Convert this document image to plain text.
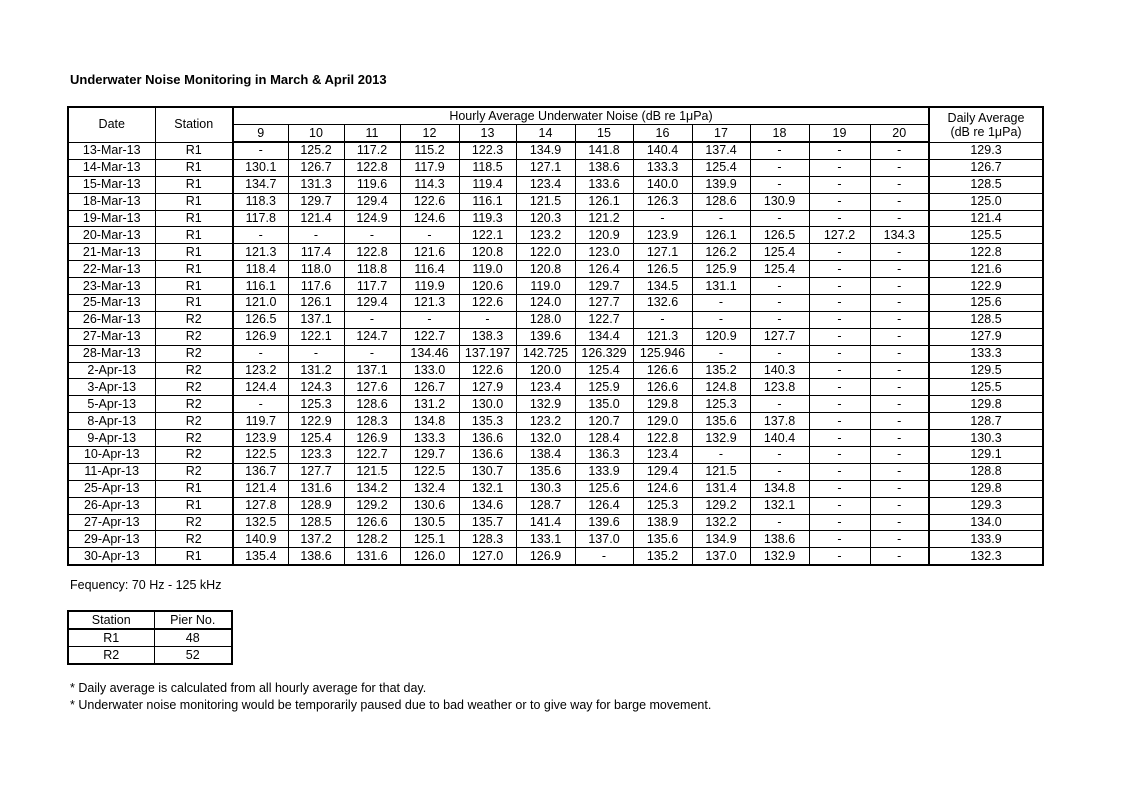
Underwater Noise Monitoring in March & April 2013
Date	Station	Hourly Average Underwater Noise (dB re 1μPa)												Daily Average
(dB re 1μPa)

		9	10	11	12	13	14	15	16	17	18	19	20	
13-Mar-13	R1	-	125.2	117.2	115.2	122.3	134.9	141.8	140.4	137.4	-	-	-	129.3
14-Mar-13	R1	130.1	126.7	122.8	117.9	118.5	127.1	138.6	133.3	125.4	-	-	-	126.7
15-Mar-13	R1	134.7	131.3	119.6	114.3	119.4	123.4	133.6	140.0	139.9	-	-	-	128.5
18-Mar-13	R1	118.3	129.7	129.4	122.6	116.1	121.5	126.1	126.3	128.6	130.9	-	-	125.0
19-Mar-13	R1	117.8	121.4	124.9	124.6	119.3	120.3	121.2	-	-	-	-	-	121.4
20-Mar-13	R1	-	-	-	-	122.1	123.2	120.9	123.9	126.1	126.5	127.2	134.3	125.5
21-Mar-13	R1	121.3	117.4	122.8	121.6	120.8	122.0	123.0	127.1	126.2	125.4	-	-	122.8
22-Mar-13	R1	118.4	118.0	118.8	116.4	119.0	120.8	126.4	126.5	125.9	125.4	-	-	121.6
23-Mar-13	R1	116.1	117.6	117.7	119.9	120.6	119.0	129.7	134.5	131.1	-	-	-	122.9
25-Mar-13	R1	121.0	126.1	129.4	121.3	122.6	124.0	127.7	132.6	-	-	-	-	125.6
26-Mar-13	R2	126.5	137.1	-	-	-	128.0	122.7	-	-	-	-	-	128.5
27-Mar-13	R2	126.9	122.1	124.7	122.7	138.3	139.6	134.4	121.3	120.9	127.7	-	-	127.9
28-Mar-13	R2	-	-	-	134.46	137.197	142.725	126.329	125.946	-	-	-	-	133.3
2-Apr-13	R2	123.2	131.2	137.1	133.0	122.6	120.0	125.4	126.6	135.2	140.3	-	-	129.5
3-Apr-13	R2	124.4	124.3	127.6	126.7	127.9	123.4	125.9	126.6	124.8	123.8	-	-	125.5
5-Apr-13	R2	-	125.3	128.6	131.2	130.0	132.9	135.0	129.8	125.3	-	-	-	129.8
8-Apr-13	R2	119.7	122.9	128.3	134.8	135.3	123.2	120.7	129.0	135.6	137.8	-	-	128.7
9-Apr-13	R2	123.9	125.4	126.9	133.3	136.6	132.0	128.4	122.8	132.9	140.4	-	-	130.3
10-Apr-13	R2	122.5	123.3	122.7	129.7	136.6	138.4	136.3	123.4	-	-	-	-	129.1
11-Apr-13	R2	136.7	127.7	121.5	122.5	130.7	135.6	133.9	129.4	121.5	-	-	-	128.8
25-Apr-13	R1	121.4	131.6	134.2	132.4	132.1	130.3	125.6	124.6	131.4	134.8	-	-	129.8
26-Apr-13	R1	127.8	128.9	129.2	130.6	134.6	128.7	126.4	125.3	129.2	132.1	-	-	129.3
27-Apr-13	R2	132.5	128.5	126.6	130.5	135.7	141.4	139.6	138.9	132.2	-	-	-	134.0
29-Apr-13	R2	140.9	137.2	128.2	125.1	128.3	133.1	137.0	135.6	134.9	138.6	-	-	133.9
30-Apr-13	R1	135.4	138.6	131.6	126.0	127.0	126.9	-	135.2	137.0	132.9	-	-	132.3
Fequency: 70 Hz - 125 kHz
Station	Pier No.
R1	48
R2	52
* Daily average is calculated from all hourly average for that day.
* Underwater noise monitoring would be temporarily paused due to bad weather or to give way for barge movement.
